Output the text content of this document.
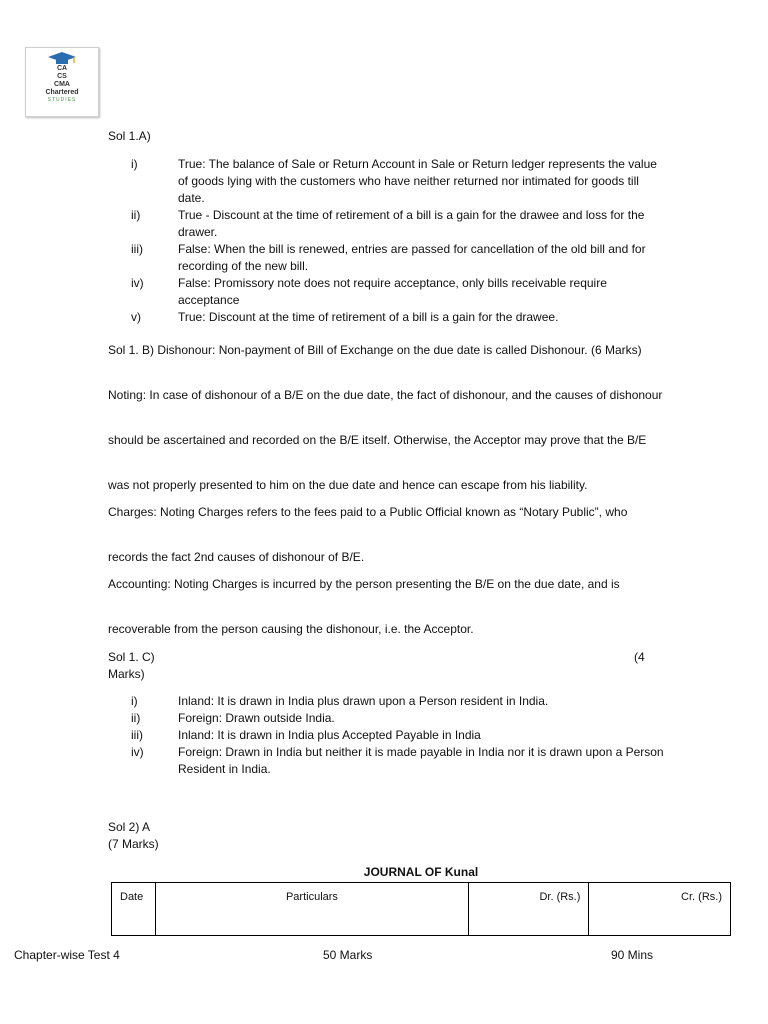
CA
CS
CMA
Chartered
STUDIES
Sol 1.A)
i)	True: The balance of Sale or Return Account in Sale or Return ledger represents the value of goods lying with the customers who have neither returned nor intimated for goods till date.
ii)	True - Discount at the time of retirement of a bill is a gain for the drawee and loss for the drawer.
iii)	False: When the bill is renewed, entries are passed for cancellation of the old bill and for recording of the new bill.
iv)	False: Promissory note does not require acceptance, only bills receivable require acceptance
v)	True: Discount at the time of retirement of a bill is a gain for the drawee.
Sol 1. B) Dishonour: Non-payment of Bill of Exchange on the due date is called Dishonour. (6 Marks)
Noting: In case of dishonour of a B/E on the due date, the fact of dishonour, and the causes of dishonour
should be ascertained and recorded on the B/E itself. Otherwise, the Acceptor may prove that the B/E
was not properly presented to him on the due date and hence can escape from his liability.
Charges: Noting Charges refers to the fees paid to a Public Official known as “Notary Public”, who
records the fact 2nd causes of dishonour of B/E.
Accounting: Noting Charges is incurred by the person presenting the B/E on the due date, and is
recoverable from the person causing the dishonour, i.e. the Acceptor.
Sol 1. C)	(4
Marks)
i)	Inland: It is drawn in India plus drawn upon a Person resident in India.
ii)	Foreign: Drawn outside India.
iii)	Inland: It is drawn in India plus Accepted Payable in India
iv)	Foreign: Drawn in India but neither it is made payable in India nor it is drawn upon a Person Resident in India.
Sol 2) A
(7 Marks)
JOURNAL OF Kunal
Date	Particulars	Dr. (Rs.)	Cr. (Rs.)
Chapter-wise Test 4	50 Marks	90 Mins
